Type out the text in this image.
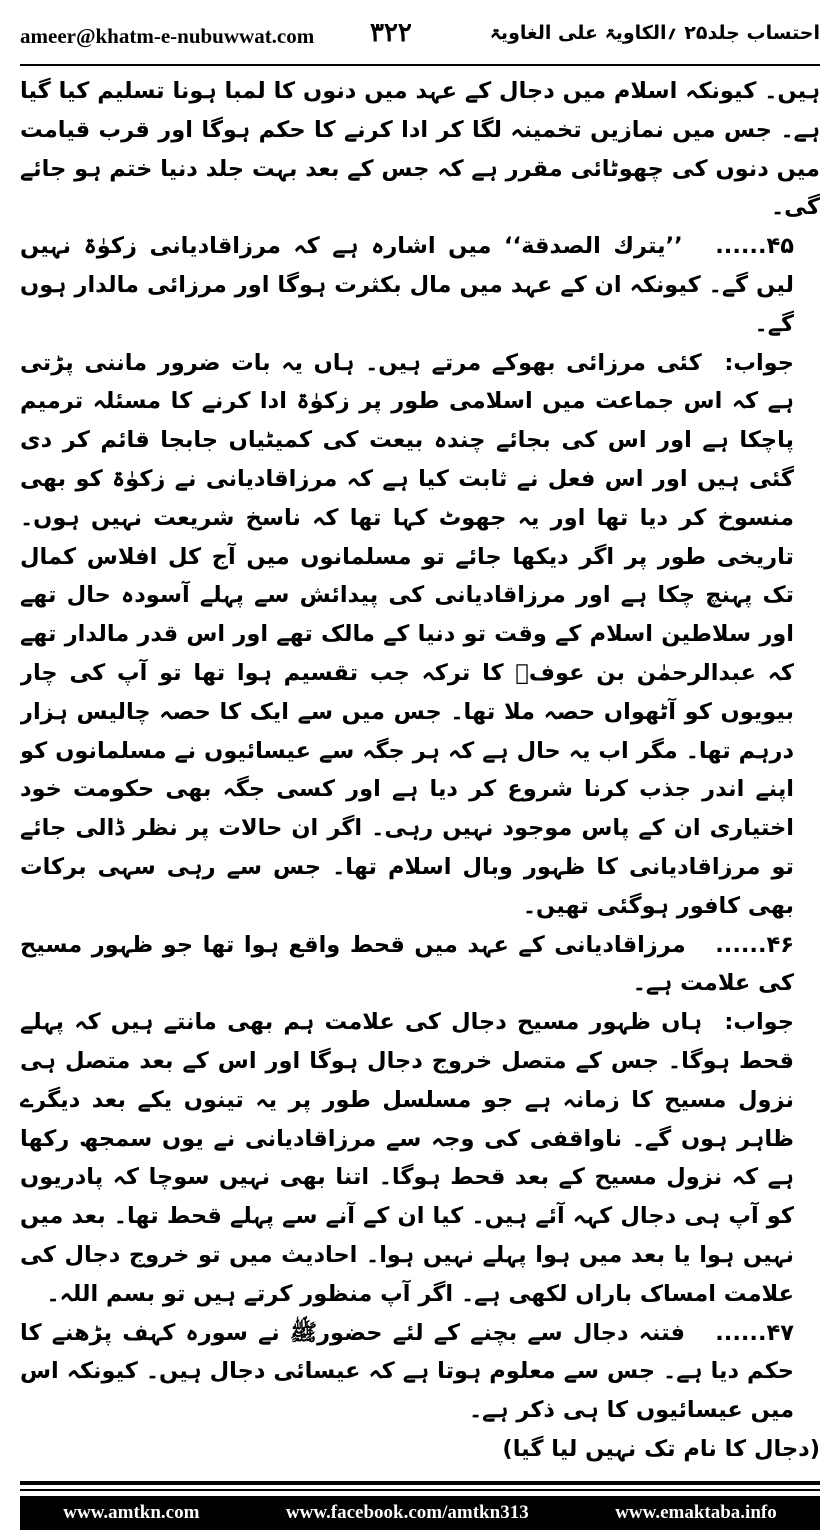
ameer@khatm-e-nubuwwat.com ۳۲۲	احتساب جلد۲۵ ؍الکاویۃ علی الغاویۃ

ہیں۔ کیونکہ اسلام میں دجال کے عہد میں دنوں کا لمبا ہونا تسلیم کیا گیا ہے۔ جس میں نمازیں تخمینہ لگا کر ادا کرنے کا حکم ہوگا اور قرب قیامت میں دنوں کی چھوٹائی مقرر ہے کہ جس کے بعد بہت جلد دنیا ختم ہو جائے گی۔

۴۵...... ’’یترك الصدقة‘‘ میں اشارہ ہے کہ مرزاقادیانی زکوٰۃ نہیں لیں گے۔ کیونکہ ان کے عہد میں مال بکثرت ہوگا اور مرزائی مالدار ہوں گے۔

جواب: کئی مرزائی بھوکے مرتے ہیں۔ ہاں یہ بات ضرور ماننی پڑتی ہے کہ اس جماعت میں اسلامی طور پر زکوٰۃ ادا کرنے کا مسئلہ ترمیم پاچکا ہے اور اس کی بجائے چندہ بیعت کی کمیٹیاں جابجا قائم کر دی گئی ہیں اور اس فعل نے ثابت کیا ہے کہ مرزاقادیانی نے زکوٰۃ کو بھی منسوخ کر دیا تھا اور یہ جھوٹ کہا تھا کہ ناسخ شریعت نہیں ہوں۔ تاریخی طور پر اگر دیکھا جائے تو مسلمانوں میں آج کل افلاس کمال تک پہنچ چکا ہے اور مرزاقادیانی کی پیدائش سے پہلے آسودہ حال تھے اور سلاطین اسلام کے وقت تو دنیا کے مالک تھے اور اس قدر مالدار تھے کہ عبدالرحمٰن بن عوفؓ کا ترکہ جب تقسیم ہوا تھا تو آپ کی چار بیویوں کو آٹھواں حصہ ملا تھا۔ جس میں سے ایک کا حصہ چالیس ہزار درہم تھا۔ مگر اب یہ حال ہے کہ ہر جگہ سے عیسائیوں نے مسلمانوں کو اپنے اندر جذب کرنا شروع کر دیا ہے اور کسی جگہ بھی حکومت خود اختیاری ان کے پاس موجود نہیں رہی۔ اگر ان حالات پر نظر ڈالی جائے تو مرزاقادیانی کا ظہور وبال اسلام تھا۔ جس سے رہی سہی برکات بھی کافور ہوگئی تھیں۔

۴۶...... مرزاقادیانی کے عہد میں قحط واقع ہوا تھا جو ظہور مسیح کی علامت ہے۔

جواب: ہاں ظہور مسیح دجال کی علامت ہم بھی مانتے ہیں کہ پہلے قحط ہوگا۔ جس کے متصل خروج دجال ہوگا اور اس کے بعد متصل ہی نزول مسیح کا زمانہ ہے جو مسلسل طور پر یہ تینوں یکے بعد دیگرے ظاہر ہوں گے۔ ناواقفی کی وجہ سے مرزاقادیانی نے یوں سمجھ رکھا ہے کہ نزول مسیح کے بعد قحط ہوگا۔ اتنا بھی نہیں سوچا کہ پادریوں کو آپ ہی دجال کہہ آئے ہیں۔ کیا ان کے آنے سے پہلے قحط تھا۔ بعد میں نہیں ہوا یا بعد میں ہوا پہلے نہیں ہوا۔ احادیث میں تو خروج دجال کی علامت امساک باراں لکھی ہے۔ اگر آپ منظور کرتے ہیں تو بسم اللہ۔

۴۷...... فتنہ دجال سے بچنے کے لئے حضورﷺ نے سورہ کہف پڑھنے کا حکم دیا ہے۔ جس سے معلوم ہوتا ہے کہ عیسائی دجال ہیں۔ کیونکہ اس میں عیسائیوں کا ہی ذکر ہے۔

(دجال کا نام تک نہیں لیا گیا)

www.amtkn.com	www.facebook.com/amtkn313	www.emaktaba.info
